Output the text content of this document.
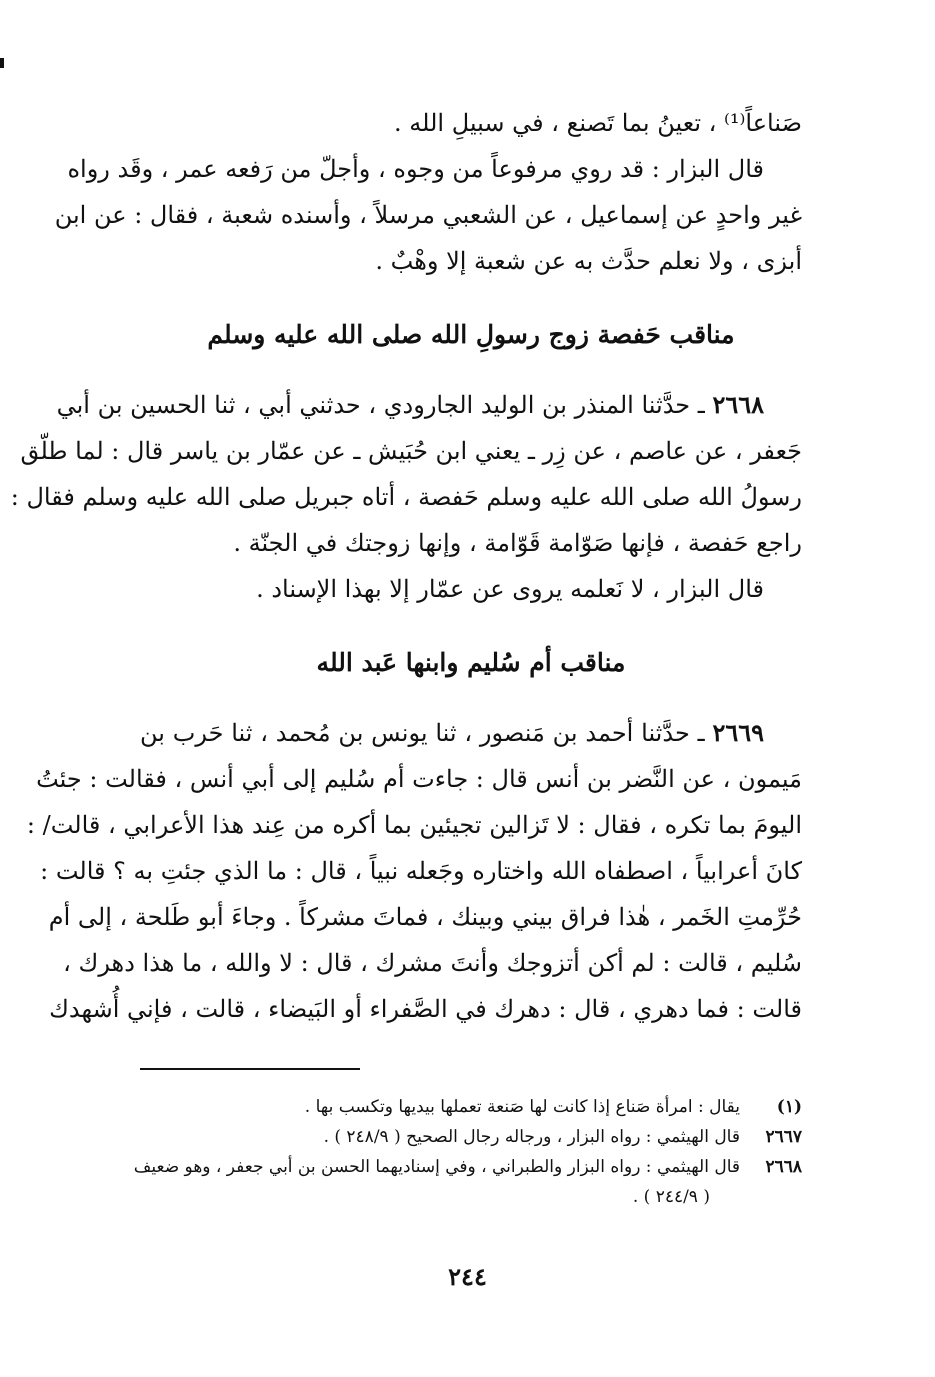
صَناعاً⁽¹⁾ ، تعينُ بما تَصنع ، في سبيلِ الله .
قال البزار : قد روي مرفوعاً من وجوه ، وأجلّ من رَفعه عمر ، وقَد رواه
غير واحدٍ عن إسماعيل ، عن الشعبي مرسلاً ، وأسنده شعبة ، فقال : عن ابن
أبزى ، ولا نعلم حدَّث به عن شعبة إلا وهْبٌ .
مناقب حَفصة زوج رسولِ الله صلى الله عليه وسلم
٢٦٦٨ ـ حدَّثنا المنذر بن الوليد الجارودي ، حدثني أبي ، ثنا الحسين بن أبي
جَعفر ، عن عاصم ، عن زِر ـ يعني ابن حُبَيش ـ عن عمّار بن ياسر قال : لما طلّق
رسولُ الله صلى الله عليه وسلم حَفصة ، أتاه جبريل صلى الله عليه وسلم فقال :
راجع حَفصة ، فإنها صَوّامة قَوّامة ، وإنها زوجتك في الجنّة .
قال البزار ، لا نَعلمه يروى عن عمّار إلا بهذا الإسناد .
مناقب أم سُليم وابنها عَبد الله
٢٦٦٩ ـ حدَّثنا أحمد بن مَنصور ، ثنا يونس بن مُحمد ، ثنا حَرب بن
مَيمون ، عن النَّضر بن أنس قال : جاءت أم سُليم إلى أبي أنس ، فقالت : جئتُ
اليومَ بما تكره ، فقال : لا تَزالين تجيئين بما أكره من عِند هذا الأعرابي ، قالت/ :
كانَ أعرابياً ، اصطفاه الله واختاره وجَعله نبياً ، قال : ما الذي جئتِ به ؟ قالت :
حُرِّمتِ الخَمر ، هٰذا فراق بيني وبينك ، فماتَ مشركاً . وجاءَ أبو طَلحة ، إلى أم
سُليم ، قالت : لم أكن أتزوجك وأنتَ مشرك ، قال : لا والله ، ما هذا دهرك ،
قالت : فما دهري ، قال : دهرك في الصَّفراء أو البَيضاء ، قالت ، فإني أُشهدك
(١)
يقال : امرأة صَناع إذا كانت لها صَنعة تعملها بيديها وتكسب بها .
٢٦٦٧
قال الهيثمي : رواه البزار ، ورجاله رجال الصحيح ( ٢٤٨/٩ ) .
٢٦٦٨
قال الهيثمي : رواه البزار والطبراني ، وفي إسناديهما الحسن بن أبي جعفر ، وهو ضعيف
( ٢٤٤/٩ ) .
٢٤٤
